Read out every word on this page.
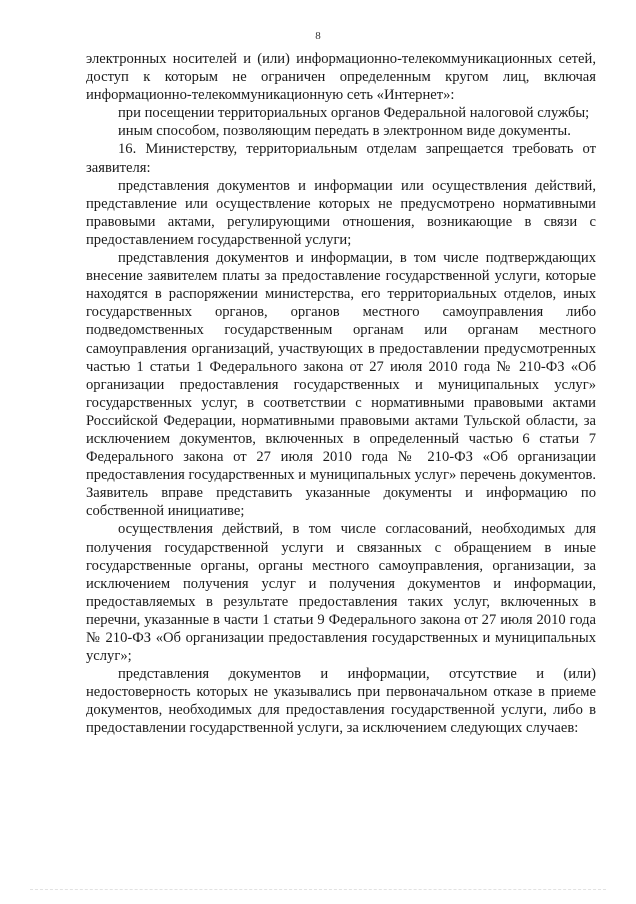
8

электронных носителей и (или) информационно-телекоммуникационных сетей, доступ к которым не ограничен определенным кругом лиц, включая информационно-телекоммуникационную сеть «Интернет»:

при посещении территориальных органов Федеральной налоговой службы;

иным способом, позволяющим передать в электронном виде документы.

16. Министерству, территориальным отделам запрещается требовать от заявителя:

представления документов и информации или осуществления действий, представление или осуществление которых не предусмотрено нормативными правовыми актами, регулирующими отношения, возникающие в связи с предоставлением государственной услуги;

представления документов и информации, в том числе подтверждающих внесение заявителем платы за предоставление государственной услуги, которые находятся в распоряжении министерства, его территориальных отделов, иных государственных органов, органов местного самоуправления либо подведомственных государственным органам или органам местного самоуправления организаций, участвующих в предоставлении предусмотренных частью 1 статьи 1 Федерального закона от 27 июля 2010 года № 210-ФЗ «Об организации предоставления государственных и муниципальных услуг» государственных услуг, в соответствии с нормативными правовыми актами Российской Федерации, нормативными правовыми актами Тульской области, за исключением документов, включенных в определенный частью 6 статьи 7 Федерального закона от 27 июля 2010 года № 210-ФЗ «Об организации предоставления государственных и муниципальных услуг» перечень документов. Заявитель вправе представить указанные документы и информацию по собственной инициативе;

осуществления действий, в том числе согласований, необходимых для получения государственной услуги и связанных с обращением в иные государственные органы, органы местного самоуправления, организации, за исключением получения услуг и получения документов и информации, предоставляемых в результате предоставления таких услуг, включенных в перечни, указанные в части 1 статьи 9 Федерального закона от 27 июля 2010 года № 210-ФЗ «Об организации предоставления государственных и муниципальных услуг»;

представления документов и информации, отсутствие и (или) недостоверность которых не указывались при первоначальном отказе в приеме документов, необходимых для предоставления государственной услуги, либо в предоставлении государственной услуги, за исключением следующих случаев:
